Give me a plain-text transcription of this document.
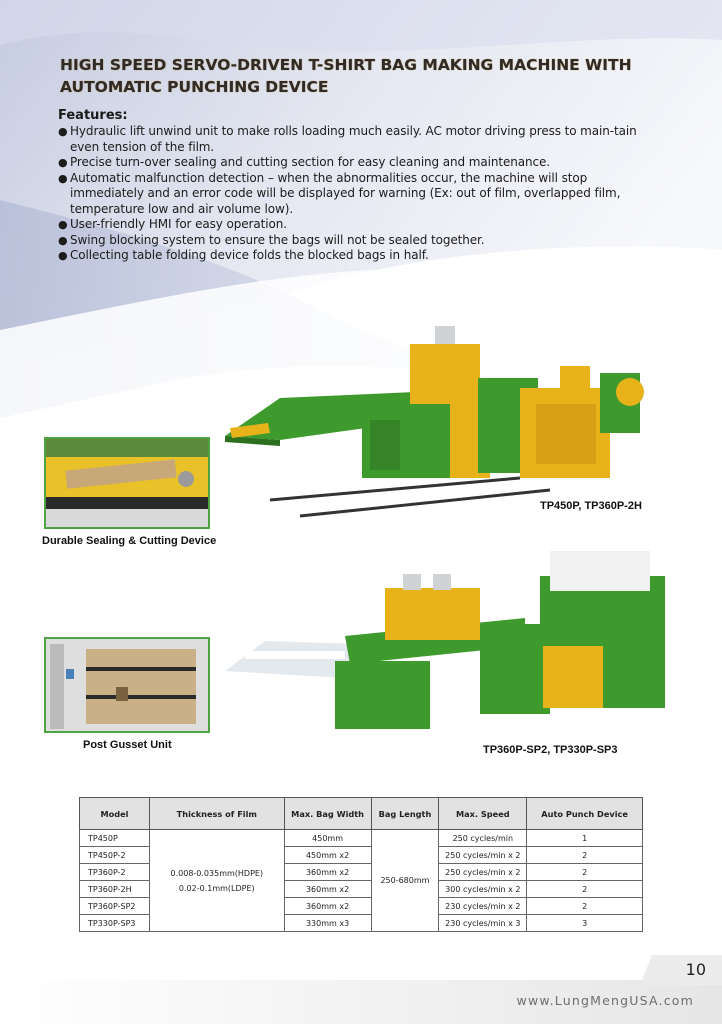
HIGH SPEED SERVO-DRIVEN T-SHIRT BAG MAKING MACHINE WITH
AUTOMATIC PUNCHING DEVICE
Features:
● Hydraulic lift unwind unit to make rolls loading much easily. AC motor driving press to main-tain even tension of the film.
● Precise turn-over sealing and cutting section for easy cleaning and maintenance.
● Automatic malfunction detection – when the abnormalities occur, the machine will stop immediately and an error code will be displayed for warning (Ex: out of film, overlapped film, temperature low and air volume low).
● User-friendly HMI for easy operation.
● Swing blocking system to ensure the bags will not be sealed together.
● Collecting table folding device folds the blocked bags in half.
TP450P, TP360P-2H
Durable Sealing & Cutting Device
TP360P-SP2, TP330P-SP3
Post Gusset Unit
Model	Thickness of Film	Max. Bag Width	Bag Length	Max. Speed	Auto Punch Device
TP450P	0.008-0.035mm(HDPE)
0.02-0.1mm(LDPE)	450mm	250-680mm	250 cycles/min	1
TP450P-2		450mm x2		250 cycles/min x 2	2
TP360P-2		360mm x2		250 cycles/min x 2	2
TP360P-2H		360mm x2		300 cycles/min x 2	2
TP360P-SP2		360mm x2		230 cycles/min x 2	2
TP330P-SP3		330mm x3		230 cycles/min x 3	3
10
www.LungMengUSA.com
